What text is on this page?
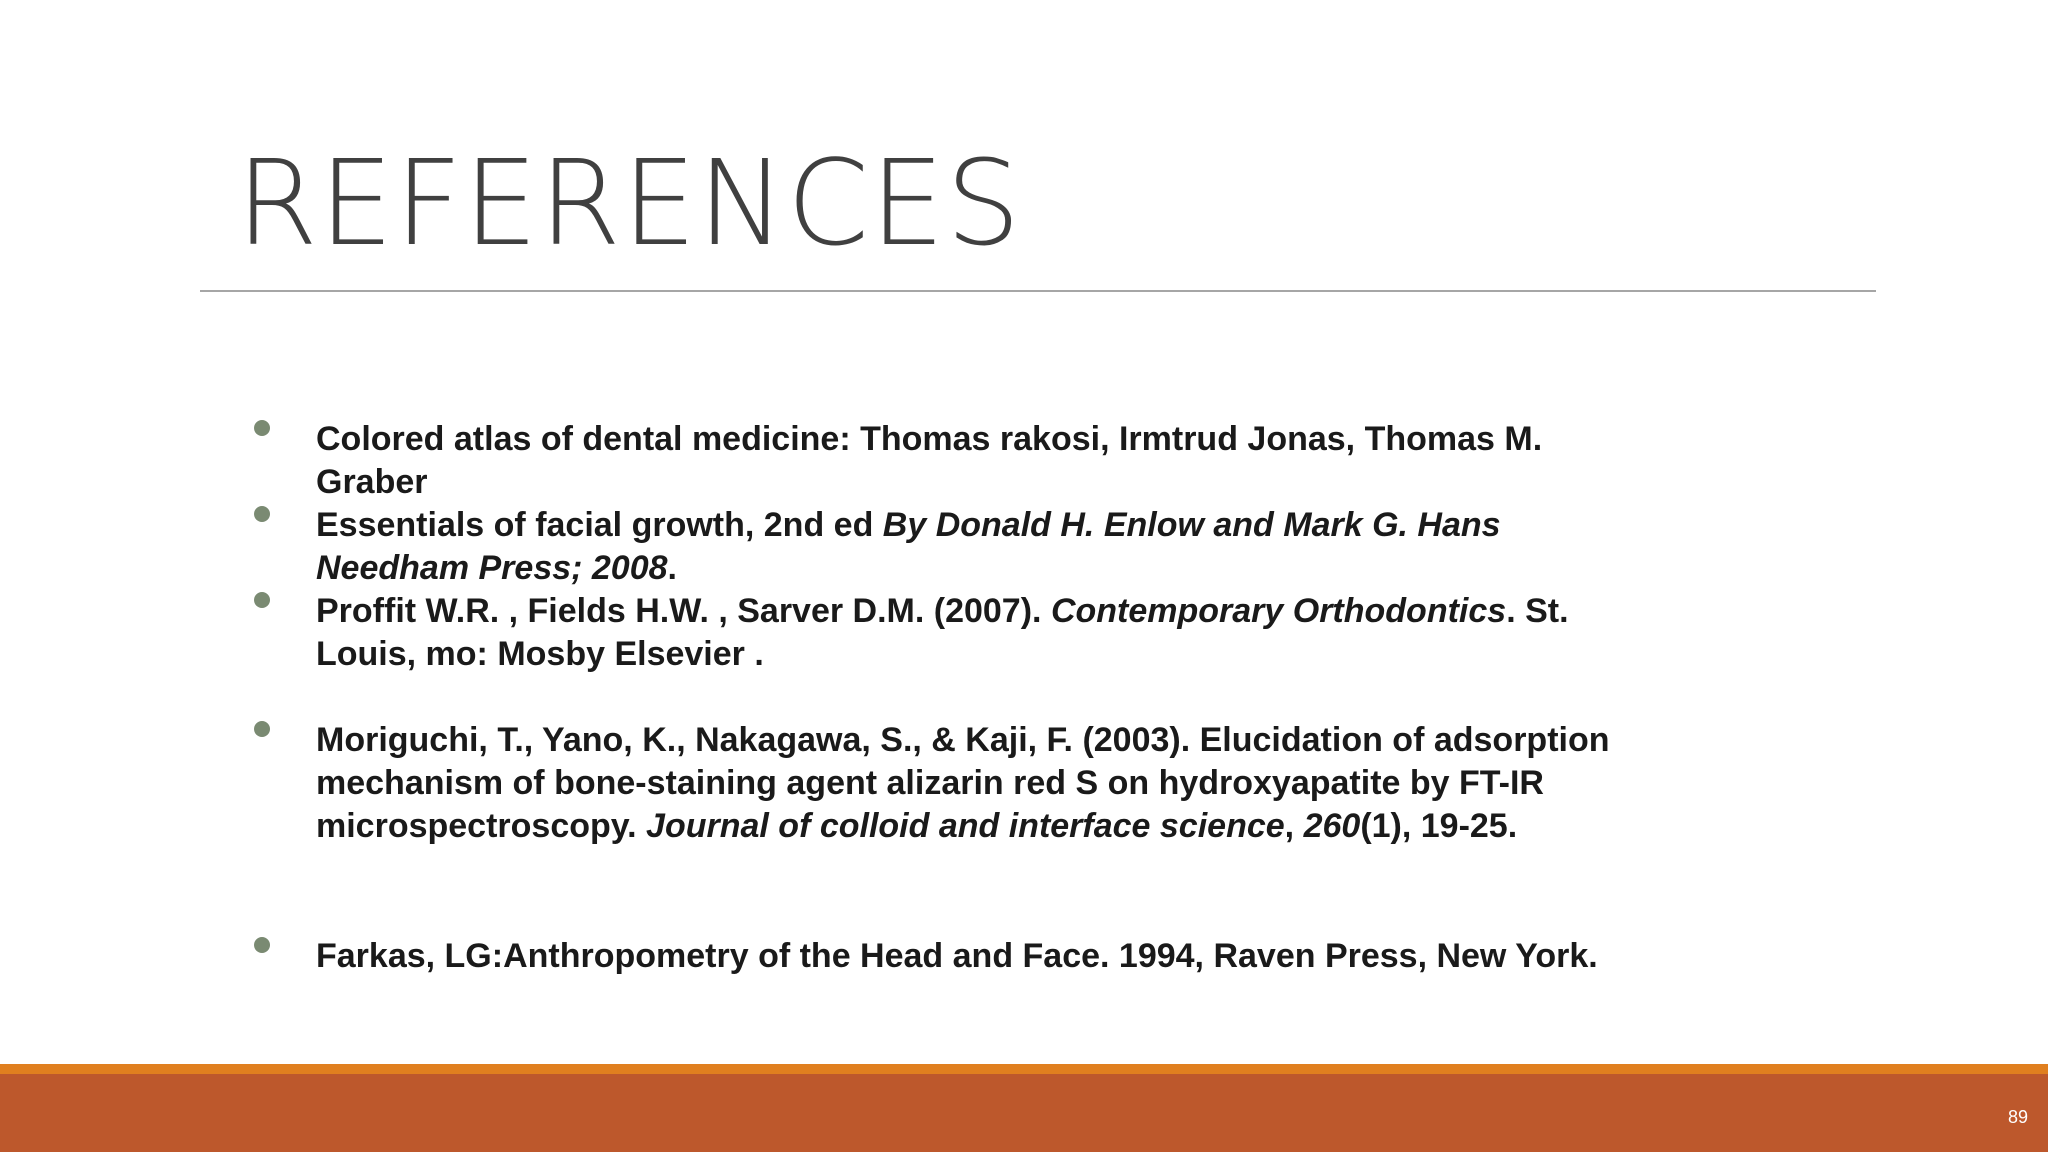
REFERENCES
Colored atlas of dental medicine: Thomas rakosi, Irmtrud Jonas, Thomas M. Graber
Essentials of facial growth, 2nd ed By Donald H. Enlow and Mark G. Hans Needham Press; 2008.
Proffit W.R. , Fields H.W. , Sarver D.M. (2007). Contemporary Orthodontics. St. Louis, mo: Mosby Elsevier .
Moriguchi, T., Yano, K., Nakagawa, S., & Kaji, F. (2003). Elucidation of adsorption mechanism of bone-staining agent alizarin red S on hydroxyapatite by FT-IR microspectroscopy. Journal of colloid and interface science, 260(1), 19-25.
Farkas, LG:Anthropometry of the Head and Face. 1994, Raven Press, New York.
89
